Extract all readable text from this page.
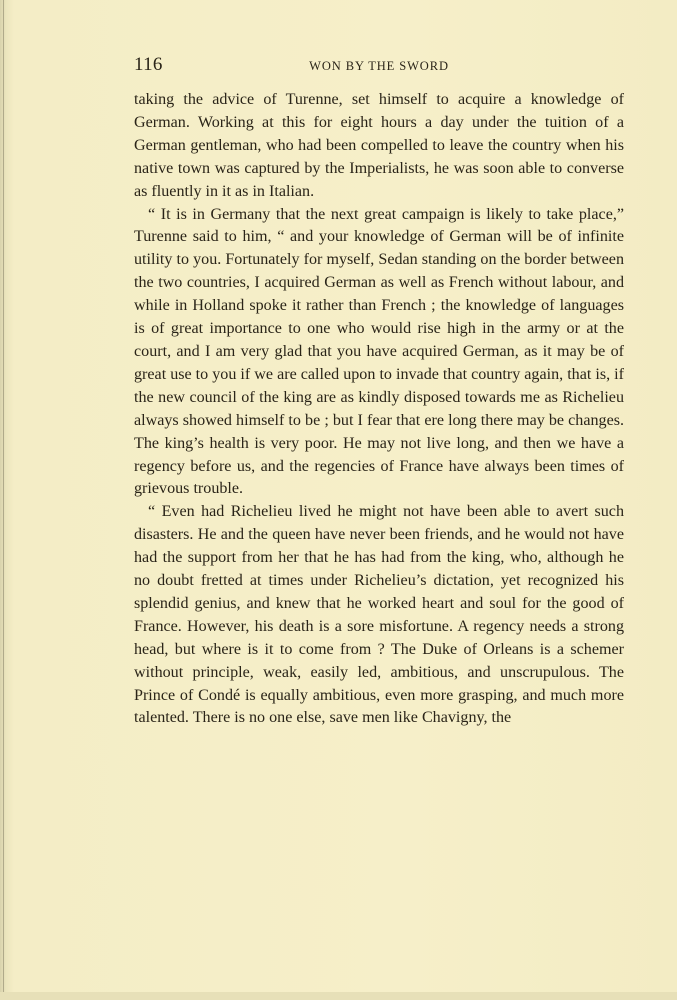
116	WON BY THE SWORD

taking the advice of Turenne, set himself to acquire a knowledge of German. Working at this for eight hours a day under the tuition of a German gentleman, who had been compelled to leave the country when his native town was captured by the Imperialists, he was soon able to converse as fluently in it as in Italian.

“ It is in Germany that the next great campaign is likely to take place,” Turenne said to him, “ and your knowledge of German will be of infinite utility to you. Fortunately for myself, Sedan standing on the border between the two countries, I acquired German as well as French without labour, and while in Holland spoke it rather than French ; the knowledge of languages is of great importance to one who would rise high in the army or at the court, and I am very glad that you have acquired German, as it may be of great use to you if we are called upon to invade that country again, that is, if the new council of the king are as kindly disposed towards me as Richelieu always showed himself to be ; but I fear that ere long there may be changes. The king’s health is very poor. He may not live long, and then we have a regency before us, and the regencies of France have always been times of grievous trouble.

“ Even had Richelieu lived he might not have been able to avert such disasters. He and the queen have never been friends, and he would not have had the support from her that he has had from the king, who, although he no doubt fretted at times under Richelieu’s dictation, yet recognized his splendid genius, and knew that he worked heart and soul for the good of France. However, his death is a sore misfortune. A regency needs a strong head, but where is it to come from ? The Duke of Orleans is a schemer without principle, weak, easily led, ambitious, and unscrupulous. The Prince of Condé is equally ambitious, even more grasping, and much more talented. There is no one else, save men like Chavigny, the
